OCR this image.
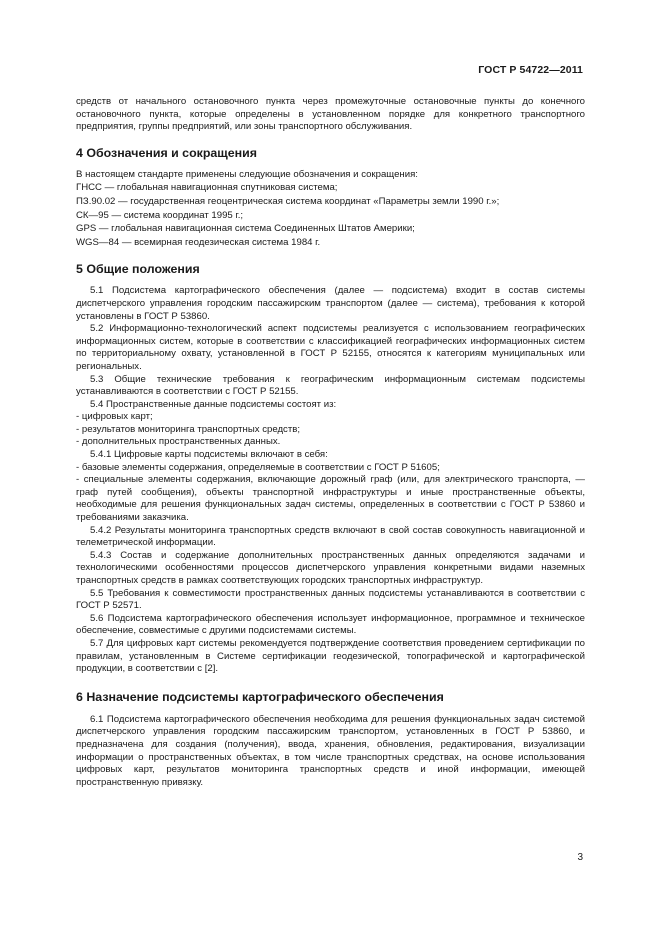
ГОСТ Р 54722—2011

средств от начального остановочного пункта через промежуточные остановочные пункты до конечного остановочного пункта, которые определены в установленном порядке для конкретного транспортного предприятия, группы предприятий, или зоны транспортного обслуживания.

4 Обозначения и сокращения

В настоящем стандарте применены следующие обозначения и сокращения:

ГНСС — глобальная навигационная спутниковая система;

ПЗ.90.02 — государственная геоцентрическая система координат «Параметры земли 1990 г.»;

СК—95 — система координат 1995 г.;

GPS — глобальная навигационная система Соединенных Штатов Америки;

WGS—84 — всемирная геодезическая система 1984 г.

5 Общие положения

5.1 Подсистема картографического обеспечения (далее — подсистема) входит в состав системы диспетчерского управления городским пассажирским транспортом (далее — система), требования к которой установлены в ГОСТ Р 53860.

5.2 Информационно-технологический аспект подсистемы реализуется с использованием географических информационных систем, которые в соответствии с классификацией географических информационных систем по территориальному охвату, установленной в ГОСТ Р 52155, относятся к категориям муниципальных или региональных.

5.3 Общие технические требования к географическим информационным системам подсистемы устанавливаются в соответствии с ГОСТ Р 52155.

5.4 Пространственные данные подсистемы состоят из:

- цифровых карт;

- результатов мониторинга транспортных средств;

- дополнительных пространственных данных.

5.4.1 Цифровые карты подсистемы включают в себя:

- базовые элементы содержания, определяемые в соответствии с ГОСТ Р 51605;

- специальные элементы содержания, включающие дорожный граф (или, для электрического транспорта, — граф путей сообщения), объекты транспортной инфраструктуры и иные пространственные объекты, необходимые для решения функциональных задач системы, определенных в соответствии с ГОСТ Р 53860 и требованиями заказчика.

5.4.2 Результаты мониторинга транспортных средств включают в свой состав совокупность навигационной и телеметрической информации.

5.4.3 Состав и содержание дополнительных пространственных данных определяются задачами и технологическими особенностями процессов диспетчерского управления конкретными видами наземных транспортных средств в рамках соответствующих городских транспортных инфраструктур.

5.5 Требования к совместимости пространственных данных подсистемы устанавливаются в соответствии с ГОСТ Р 52571.

5.6 Подсистема картографического обеспечения использует информационное, программное и техническое обеспечение, совместимые с другими подсистемами системы.

5.7 Для цифровых карт системы рекомендуется подтверждение соответствия проведением сертификации по правилам, установленным в Системе сертификации геодезической, топографической и картографической продукции, в соответствии с [2].

6 Назначение подсистемы картографического обеспечения

6.1 Подсистема картографического обеспечения необходима для решения функциональных задач системой диспетчерского управления городским пассажирским транспортом, установленных в ГОСТ Р 53860, и предназначена для создания (получения), ввода, хранения, обновления, редактирования, визуализации информации о пространственных объектах, в том числе транспортных средствах, на основе использования цифровых карт, результатов мониторинга транспортных средств и иной информации, имеющей пространственную привязку.

3
